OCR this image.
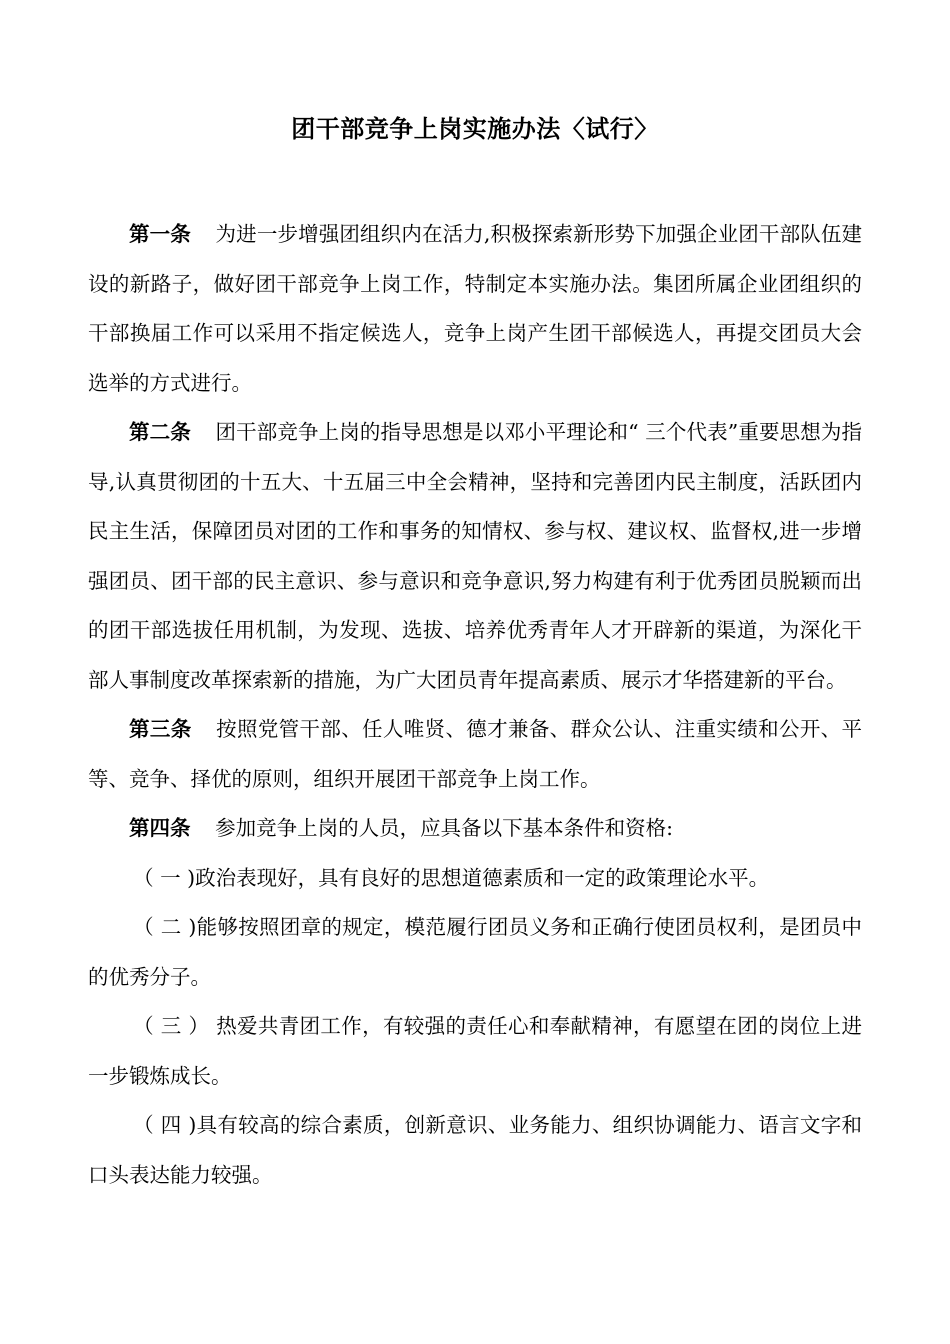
团干部竞争上岗实施办法〈试行〉

第一条 为进一步增强团组织内在活力,积极探索新形势下加强企业团干部队伍建设的新路子，做好团干部竞争上岗工作，特制定本实施办法。集团所属企业团组织的干部换届工作可以采用不指定候选人，竞争上岗产生团干部候选人，再提交团员大会选举的方式进行。

第二条 团干部竞争上岗的指导思想是以邓小平理论和“ 三个代表”重要思想为指导,认真贯彻团的十五大、十五届三中全会精神，坚持和完善团内民主制度，活跃团内民主生活，保障团员对团的工作和事务的知情权、参与权、建议权、监督权,进一步增强团员、团干部的民主意识、参与意识和竞争意识,努力构建有利于优秀团员脱颖而出的团干部选拔任用机制，为发现、选拔、培养优秀青年人才开辟新的渠道，为深化干部人事制度改革探索新的措施，为广大团员青年提高素质、展示才华搭建新的平台。

第三条 按照党管干部、任人唯贤、德才兼备、群众公认、注重实绩和公开、平等、竞争、择优的原则，组织开展团干部竞争上岗工作。

第四条 参加竞争上岗的人员，应具备以下基本条件和资格:

（ 一 )政治表现好，具有良好的思想道德素质和一定的政策理论水平。

（ 二 )能够按照团章的规定，模范履行团员义务和正确行使团员权利，是团员中的优秀分子。

（ 三 ） 热爱共青团工作，有较强的责任心和奉献精神，有愿望在团的岗位上进一步锻炼成长。

（ 四 )具有较高的综合素质，创新意识、业务能力、组织协调能力、语言文字和口头表达能力较强。
